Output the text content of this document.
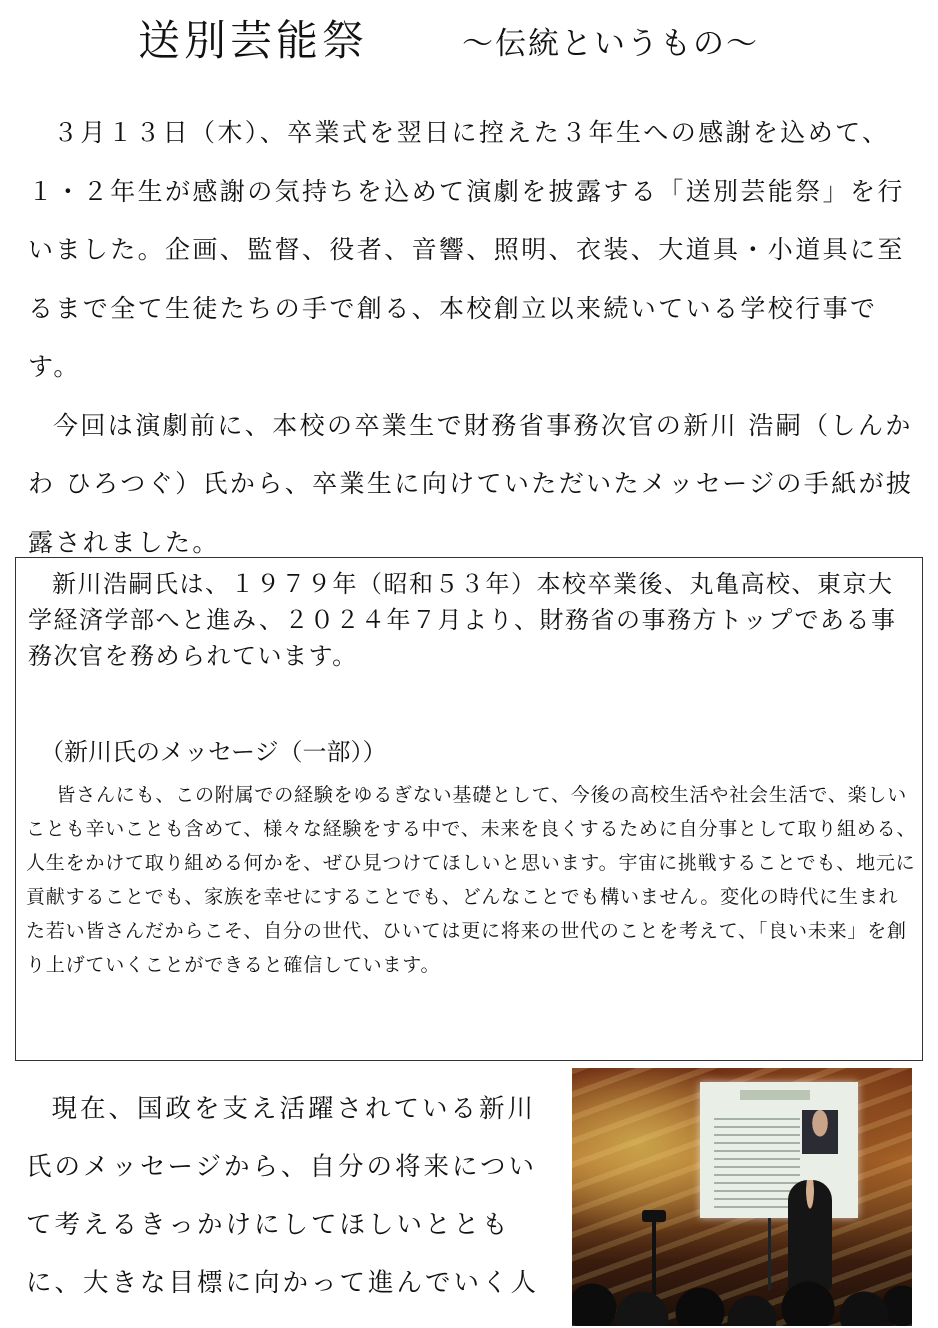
送別芸能祭	～伝統というもの～

３月１３日（木）、卒業式を翌日に控えた３年生への感謝を込めて、１・２年生が感謝の気持ちを込めて演劇を披露する「送別芸能祭」を行いました。企画、監督、役者、音響、照明、衣装、大道具・小道具に至るまで全て生徒たちの手で創る、本校創立以来続いている学校行事です。

今回は演劇前に、本校の卒業生で財務省事務次官の新川 浩嗣（しんかわ ひろつぐ）氏から、卒業生に向けていただいたメッセージの手紙が披露されました。

新川浩嗣氏は、１９７９年（昭和５３年）本校卒業後、丸亀高校、東京大学経済学部へと進み、２０２４年７月より、財務省の事務方トップである事務次官を務められています。

（新川氏のメッセージ（一部））

皆さんにも、この附属での経験をゆるぎない基礎として、今後の高校生活や社会生活で、楽しいことも辛いことも含めて、様々な経験をする中で、未来を良くするために自分事として取り組める、人生をかけて取り組める何かを、ぜひ見つけてほしいと思います。宇宙に挑戦することでも、地元に貢献することでも、家族を幸せにすることでも、どんなことでも構いません。変化の時代に生まれた若い皆さんだからこそ、自分の世代、ひいては更に将来の世代のことを考えて、「良い未来」を創り上げていくことができると確信しています。

現在、国政を支え活躍されている新川氏のメッセージから、自分の将来について考えるきっかけにしてほしいとともに、大きな目標に向かって進んでいく人
